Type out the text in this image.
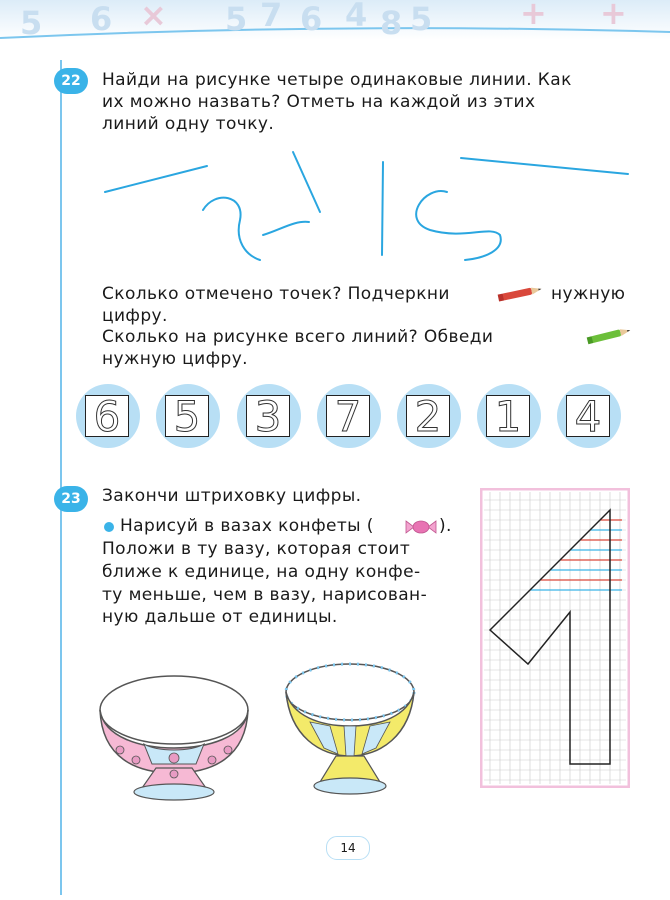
5 6 × 5 7 6 4 8 5	+ +
22	Найди на рисунке четыре одинаковые линии. Как
их можно назвать? Отметь на каждой из этих
линий одну точку.
Сколько отмечено точек? Подчеркни	нужную
цифру.
Сколько на рисунке всего линий? Обведи
нужную цифру.
6 5 3 7 2 1 4
23	Закончи штриховку цифры.
Нарисуй в вазах конфеты (	).
Положи в ту вазу, которая стоит
ближе к единице, на одну конфе-
ту меньше, чем в вазу, нарисован-
ную дальше от единицы.
14
